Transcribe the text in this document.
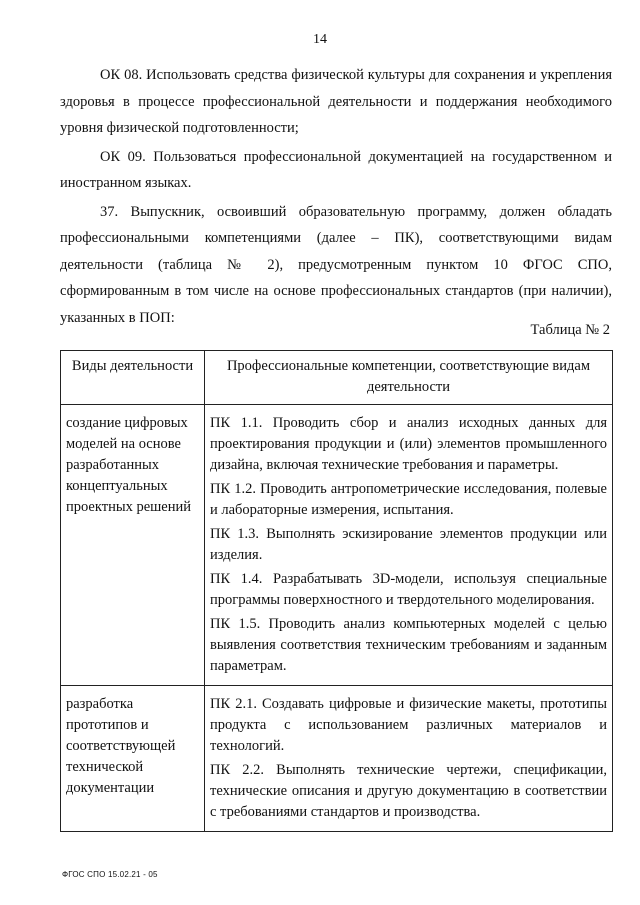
14

ОК 08. Использовать средства физической культуры для сохранения и укрепления здоровья в процессе профессиональной деятельности и поддержания необходимого уровня физической подготовленности;

ОК 09. Пользоваться профессиональной документацией на государственном и иностранном языках.

37. Выпускник, освоивший образовательную программу, должен обладать профессиональными компетенциями (далее – ПК), соответствующими видам деятельности (таблица № 2), предусмотренным пунктом 10 ФГОС СПО, сформированным в том числе на основе профессиональных стандартов (при наличии), указанных в ПОП:

Таблица № 2
Виды деятельности	Профессиональные компетенции, соответствующие видам деятельности
создание цифровых моделей на основе разработанных концептуальных проектных решений	ПК 1.1. Проводить сбор и анализ исходных данных для проектирования продукции и (или) элементов промышленного дизайна, включая технические требования и параметры.

ПК 1.2. Проводить антропометрические исследования, полевые и лабораторные измерения, испытания.

ПК 1.3. Выполнять эскизирование элементов продукции или изделия.

ПК 1.4. Разрабатывать 3D-модели, используя специальные программы поверхностного и твердотельного моделирования.

ПК 1.5. Проводить анализ компьютерных моделей с целью выявления соответствия техническим требованиям и заданным параметрам.

разработка прототипов и соответствующей технической документации	ПК 2.1. Создавать цифровые и физические макеты, прототипы продукта с использованием различных материалов и технологий.

ПК 2.2. Выполнять технические чертежи, спецификации, технические описания и другую документацию в соответствии с требованиями стандартов и производства.

ФГОС СПО 15.02.21 - 05
